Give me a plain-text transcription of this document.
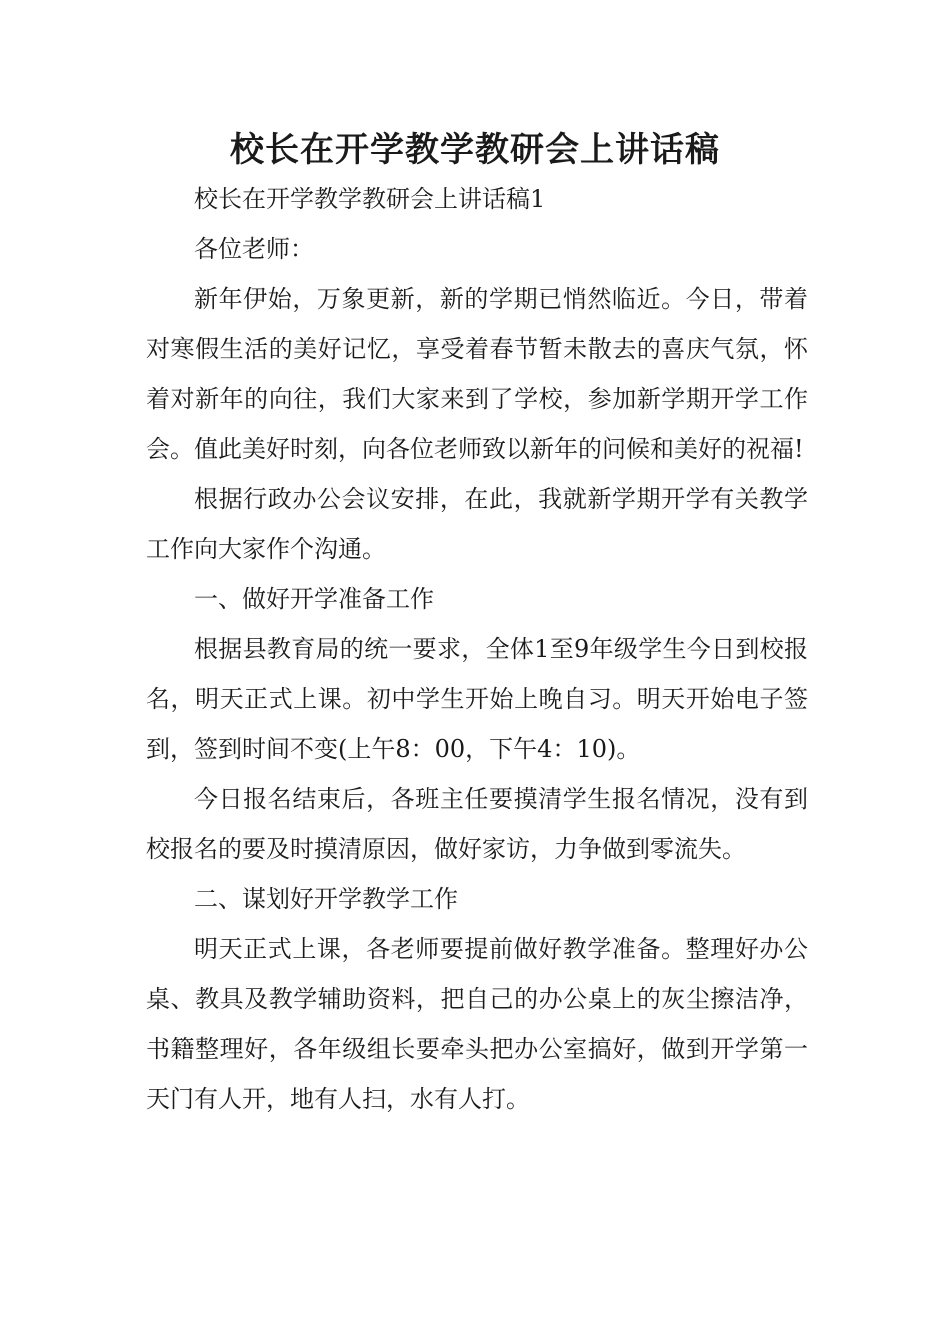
校长在开学教学教研会上讲话稿

校长在开学教学教研会上讲话稿1

各位老师：

新年伊始，万象更新，新的学期已悄然临近。今日，带着对寒假生活的美好记忆，享受着春节暂未散去的喜庆气氛，怀着对新年的向往，我们大家来到了学校，参加新学期开学工作会。值此美好时刻，向各位老师致以新年的问候和美好的祝福!

根据行政办公会议安排，在此，我就新学期开学有关教学工作向大家作个沟通。

一、做好开学准备工作

根据县教育局的统一要求，全体1至9年级学生今日到校报名，明天正式上课。初中学生开始上晚自习。明天开始电子签到，签到时间不变(上午8：00，下午4：10)。

今日报名结束后，各班主任要摸清学生报名情况，没有到校报名的要及时摸清原因，做好家访，力争做到零流失。

二、谋划好开学教学工作

明天正式上课，各老师要提前做好教学准备。整理好办公桌、教具及教学辅助资料，把自己的办公桌上的灰尘擦洁净，书籍整理好，各年级组长要牵头把办公室搞好，做到开学第一天门有人开，地有人扫，水有人打。
